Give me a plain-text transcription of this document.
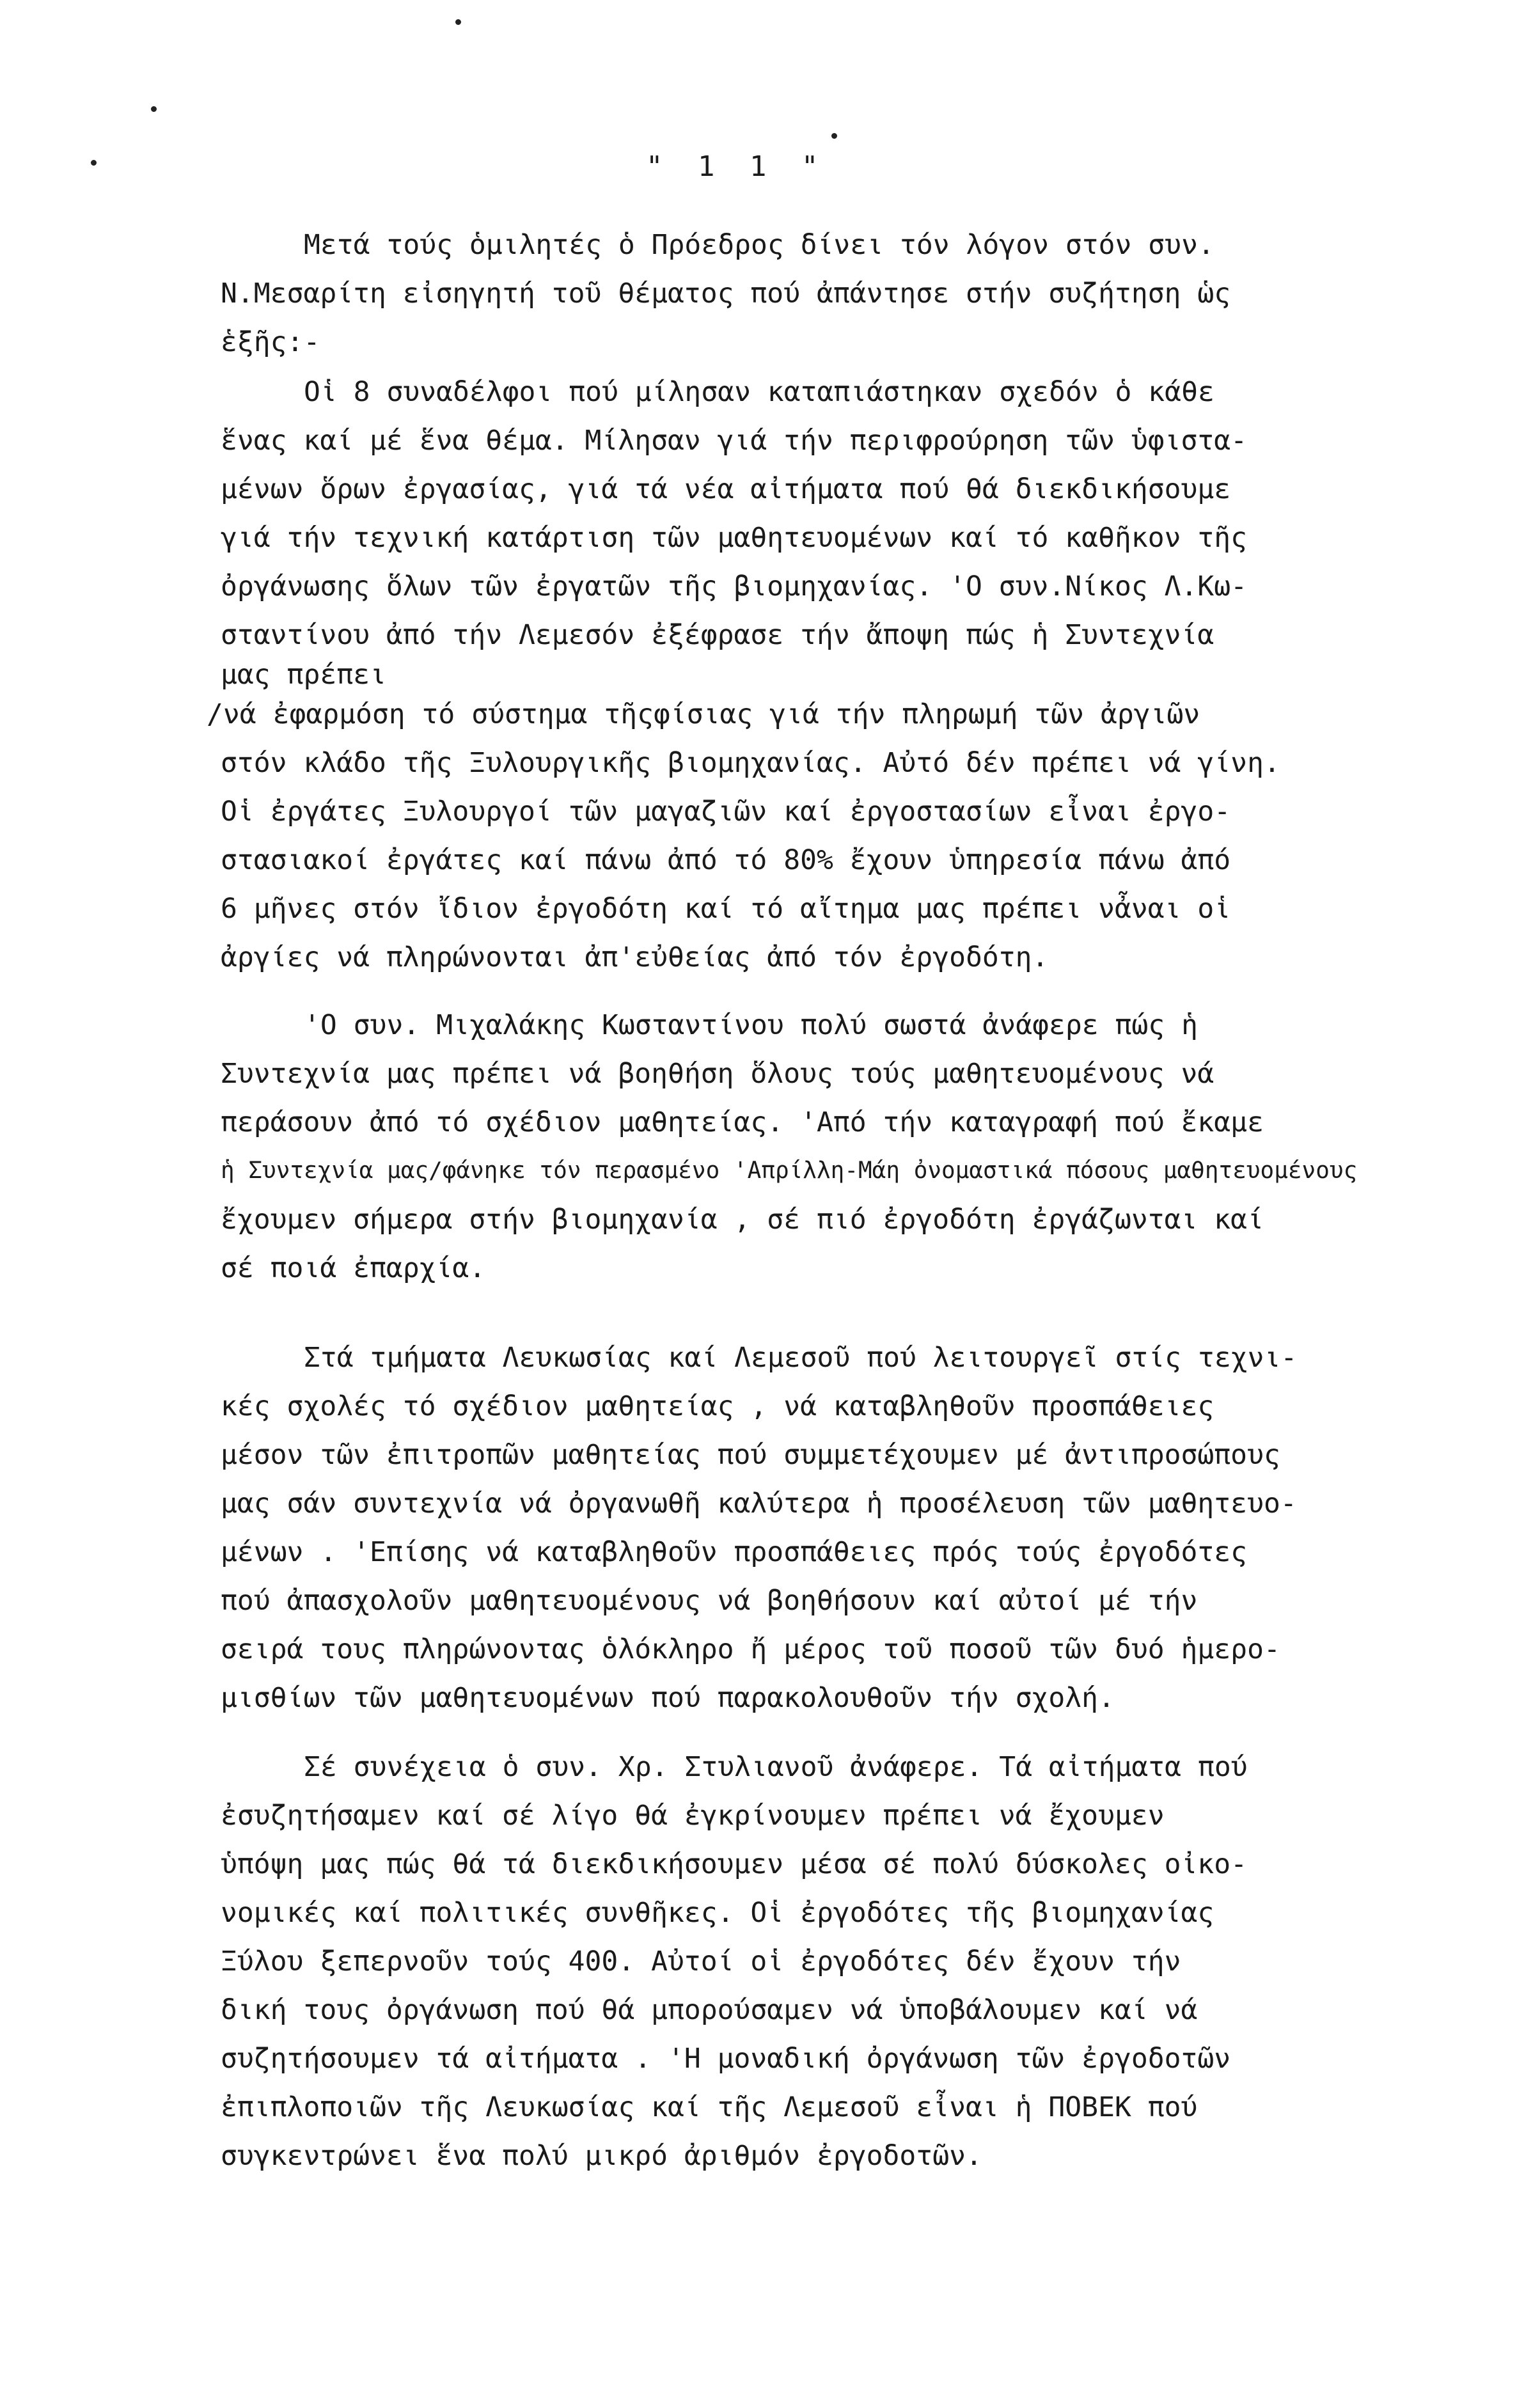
" 1 1 "
Μετά τούς ὁμιλητές ὁ Πρόεδρος δίνει τόν λόγον στόν συν.
Ν.Μεσαρίτη εἰσηγητή τοῦ θέματος πού ἀπάντησε στήν συζήτηση ὡς
ἑξῆς:-
Οἱ 8 συναδέλφοι πού μίλησαν καταπιάστηκαν σχεδόν ὁ κάθε
ἕνας καί μέ ἕνα θέμα. Μίλησαν γιά τήν περιφρούρηση τῶν ὑφιστα-
μένων ὅρων ἐργασίας, γιά τά νέα αἰτήματα πού θά διεκδικήσουμε
γιά τήν τεχνική κατάρτιση τῶν μαθητευομένων καί τό καθῆκον τῆς
ὀργάνωσης ὅλων τῶν ἐργατῶν τῆς βιομηχανίας. 'Ο συν.Νίκος Λ.Κω-
σταντίνου ἀπό τήν Λεμεσόν ἐξέφρασε τήν ἄποψη πώς ἡ Συντεχνία
μας πρέπει
/νά ἐφαρμόση τό σύστημα τῆςφίσιας γιά τήν πληρωμή τῶν ἀργιῶν
στόν κλάδο τῆς Ξυλουργικῆς βιομηχανίας. Αὐτό δέν πρέπει νά γίνη.
Οἱ ἐργάτες Ξυλουργοί τῶν μαγαζιῶν καί ἐργοστασίων εἶναι ἐργο-
στασιακοί ἐργάτες καί πάνω ἀπό τό 80% ἔχουν ὑπηρεσία πάνω ἀπό
6 μῆνες στόν ἴδιον ἐργοδότη καί τό αἴτημα μας πρέπει νἆναι οἱ
ἀργίες νά πληρώνονται ἀπ'εὐθείας ἀπό τόν ἐργοδότη.
'Ο συν. Μιχαλάκης Κωσταντίνου πολύ σωστά ἀνάφερε πώς ἡ
Συντεχνία μας πρέπει νά βοηθήση ὅλους τούς μαθητευομένους νά
περάσουν ἀπό τό σχέδιον μαθητείας. 'Από τήν καταγραφή πού ἔκαμε
ἡ Συντεχνία μας/φάνηκε τόν περασμένο 'Απρίλλη-Μάη ὀνομαστικά πόσους μαθητευομένους
ἔχουμεν σήμερα στήν βιομηχανία , σέ πιό ἐργοδότη ἐργάζωνται καί
σέ ποιά ἐπαρχία.
Στά τμήματα Λευκωσίας καί Λεμεσοῦ πού λειτουργεῖ στίς τεχνι-
κές σχολές τό σχέδιον μαθητείας , νά καταβληθοῦν προσπάθειες
μέσον τῶν ἐπιτροπῶν μαθητείας πού συμμετέχουμεν μέ ἀντιπροσώπους
μας σάν συντεχνία νά ὀργανωθῆ καλύτερα ἡ προσέλευση τῶν μαθητευο-
μένων . 'Επίσης νά καταβληθοῦν προσπάθειες πρός τούς ἐργοδότες
πού ἀπασχολοῦν μαθητευομένους νά βοηθήσουν καί αὐτοί μέ τήν
σειρά τους πληρώνοντας ὁλόκληρο ἤ μέρος τοῦ ποσοῦ τῶν δυό ἡμερο-
μισθίων τῶν μαθητευομένων πού παρακολουθοῦν τήν σχολή.
Σέ συνέχεια ὁ συν. Χρ. Στυλιανοῦ ἀνάφερε. Τά αἰτήματα πού
ἐσυζητήσαμεν καί σέ λίγο θά ἐγκρίνουμεν πρέπει νά ἔχουμεν
ὑπόψη μας πώς θά τά διεκδικήσουμεν μέσα σέ πολύ δύσκολες οἰκο-
νομικές καί πολιτικές συνθῆκες. Οἱ ἐργοδότες τῆς βιομηχανίας
Ξύλου ξεπερνοῦν τούς 400. Αὐτοί οἱ ἐργοδότες δέν ἔχουν τήν
δική τους ὀργάνωση πού θά μπορούσαμεν νά ὑποβάλουμεν καί νά
συζητήσουμεν τά αἰτήματα . 'Η μοναδική ὀργάνωση τῶν ἐργοδοτῶν
ἐπιπλοποιῶν τῆς Λευκωσίας καί τῆς Λεμεσοῦ εἶναι ἡ ΠΟΒΕΚ πού
συγκεντρώνει ἕνα πολύ μικρό ἀριθμόν ἐργοδοτῶν.
